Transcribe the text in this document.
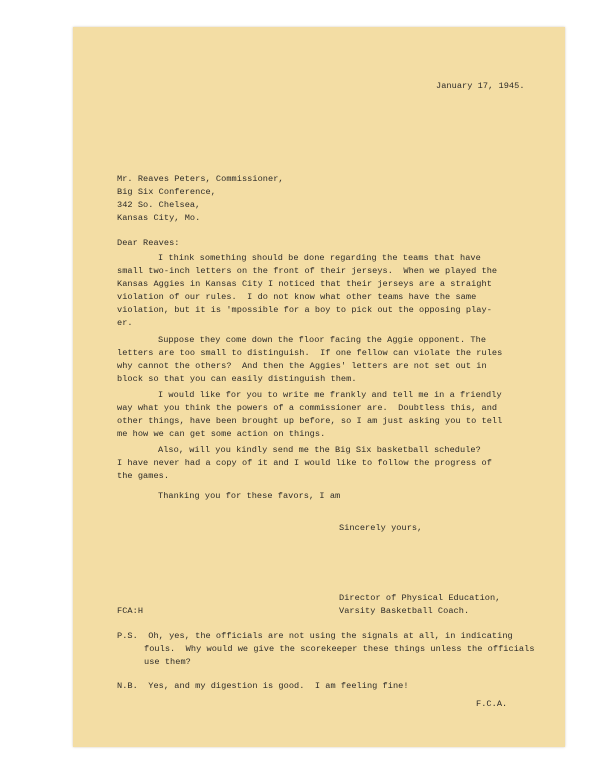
January 17, 1945.
Mr. Reaves Peters, Commissioner,
Big Six Conference,
342 So. Chelsea,
Kansas City, Mo.
Dear Reaves:
I think something should be done regarding the teams that have
small two-inch letters on the front of their jerseys.  When we played the
Kansas Aggies in Kansas City I noticed that their jerseys are a straight
violation of our rules.  I do not know what other teams have the same
violation, but it is 'mpossible for a boy to pick out the opposing play-
er.
Suppose they come down the floor facing the Aggie opponent. The
letters are too small to distinguish.  If one fellow can violate the rules
why cannot the others?  And then the Aggies' letters are not set out in
block so that you can easily distinguish them.
I would like for you to write me frankly and tell me in a friendly
way what you think the powers of a commissioner are.  Doubtless this, and
other things, have been brought up before, so I am just asking you to tell
me how we can get some action on things.
Also, will you kindly send me the Big Six basketball schedule?
I have never had a copy of it and I would like to follow the progress of
the games.
Thanking you for these favors, I am
Sincerely yours,
Director of Physical Education,
Varsity Basketball Coach.
FCA:H
P.S.  Oh, yes, the officials are not using the signals at all, in indicating
fouls.  Why would we give the scorekeeper these things unless the officials
use them?
N.B.  Yes, and my digestion is good.  I am feeling fine!
F.C.A.
